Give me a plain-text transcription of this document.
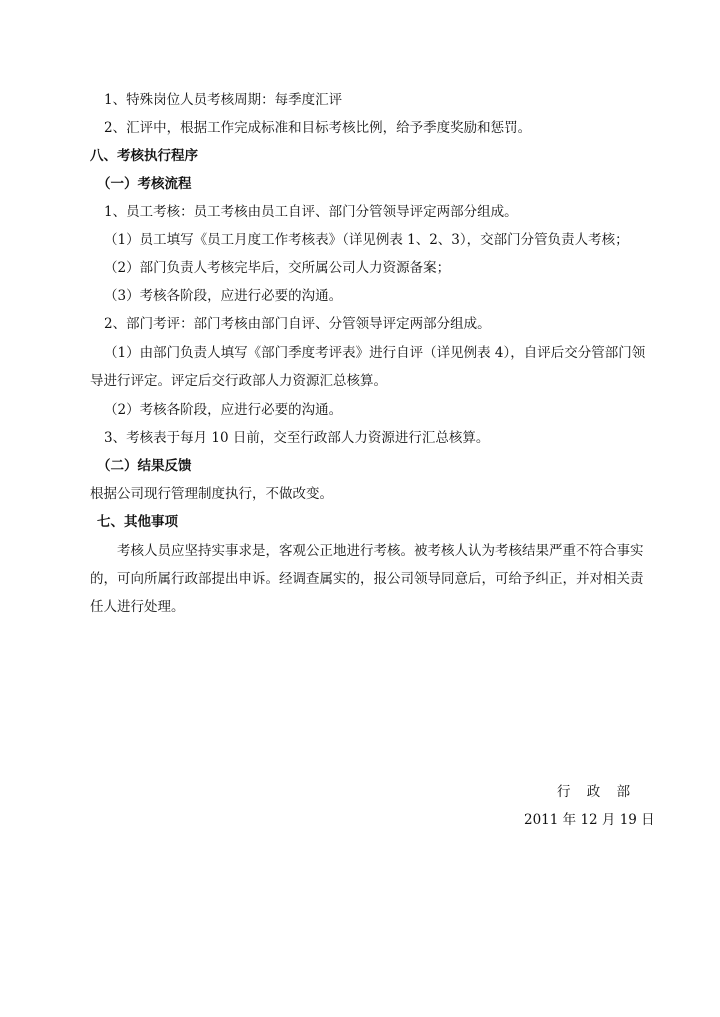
1、特殊岗位人员考核周期：每季度汇评
2、汇评中，根据工作完成标准和目标考核比例，给予季度奖励和惩罚。
八、考核执行程序
（一）考核流程
1、员工考核：员工考核由员工自评、部门分管领导评定两部分组成。
（1）员工填写《员工月度工作考核表》（详见例表 1、2、3），交部门分管负责人考核；
（2）部门负责人考核完毕后，交所属公司人力资源备案；
（3）考核各阶段，应进行必要的沟通。
2、部门考评：部门考核由部门自评、分管领导评定两部分组成。
（1）由部门负责人填写《部门季度考评表》进行自评（详见例表 4），自评后交分管部门领导进行评定。评定后交行政部人力资源汇总核算。
（2）考核各阶段，应进行必要的沟通。
3、考核表于每月 10 日前，交至行政部人力资源进行汇总核算。
（二）结果反馈
根据公司现行管理制度执行，不做改变。
七、其他事项
考核人员应坚持实事求是，客观公正地进行考核。被考核人认为考核结果严重不符合事实的，可向所属行政部提出申诉。经调查属实的，报公司领导同意后，可给予纠正，并对相关责任人进行处理。
行 政 部
2011 年 12 月 19 日
